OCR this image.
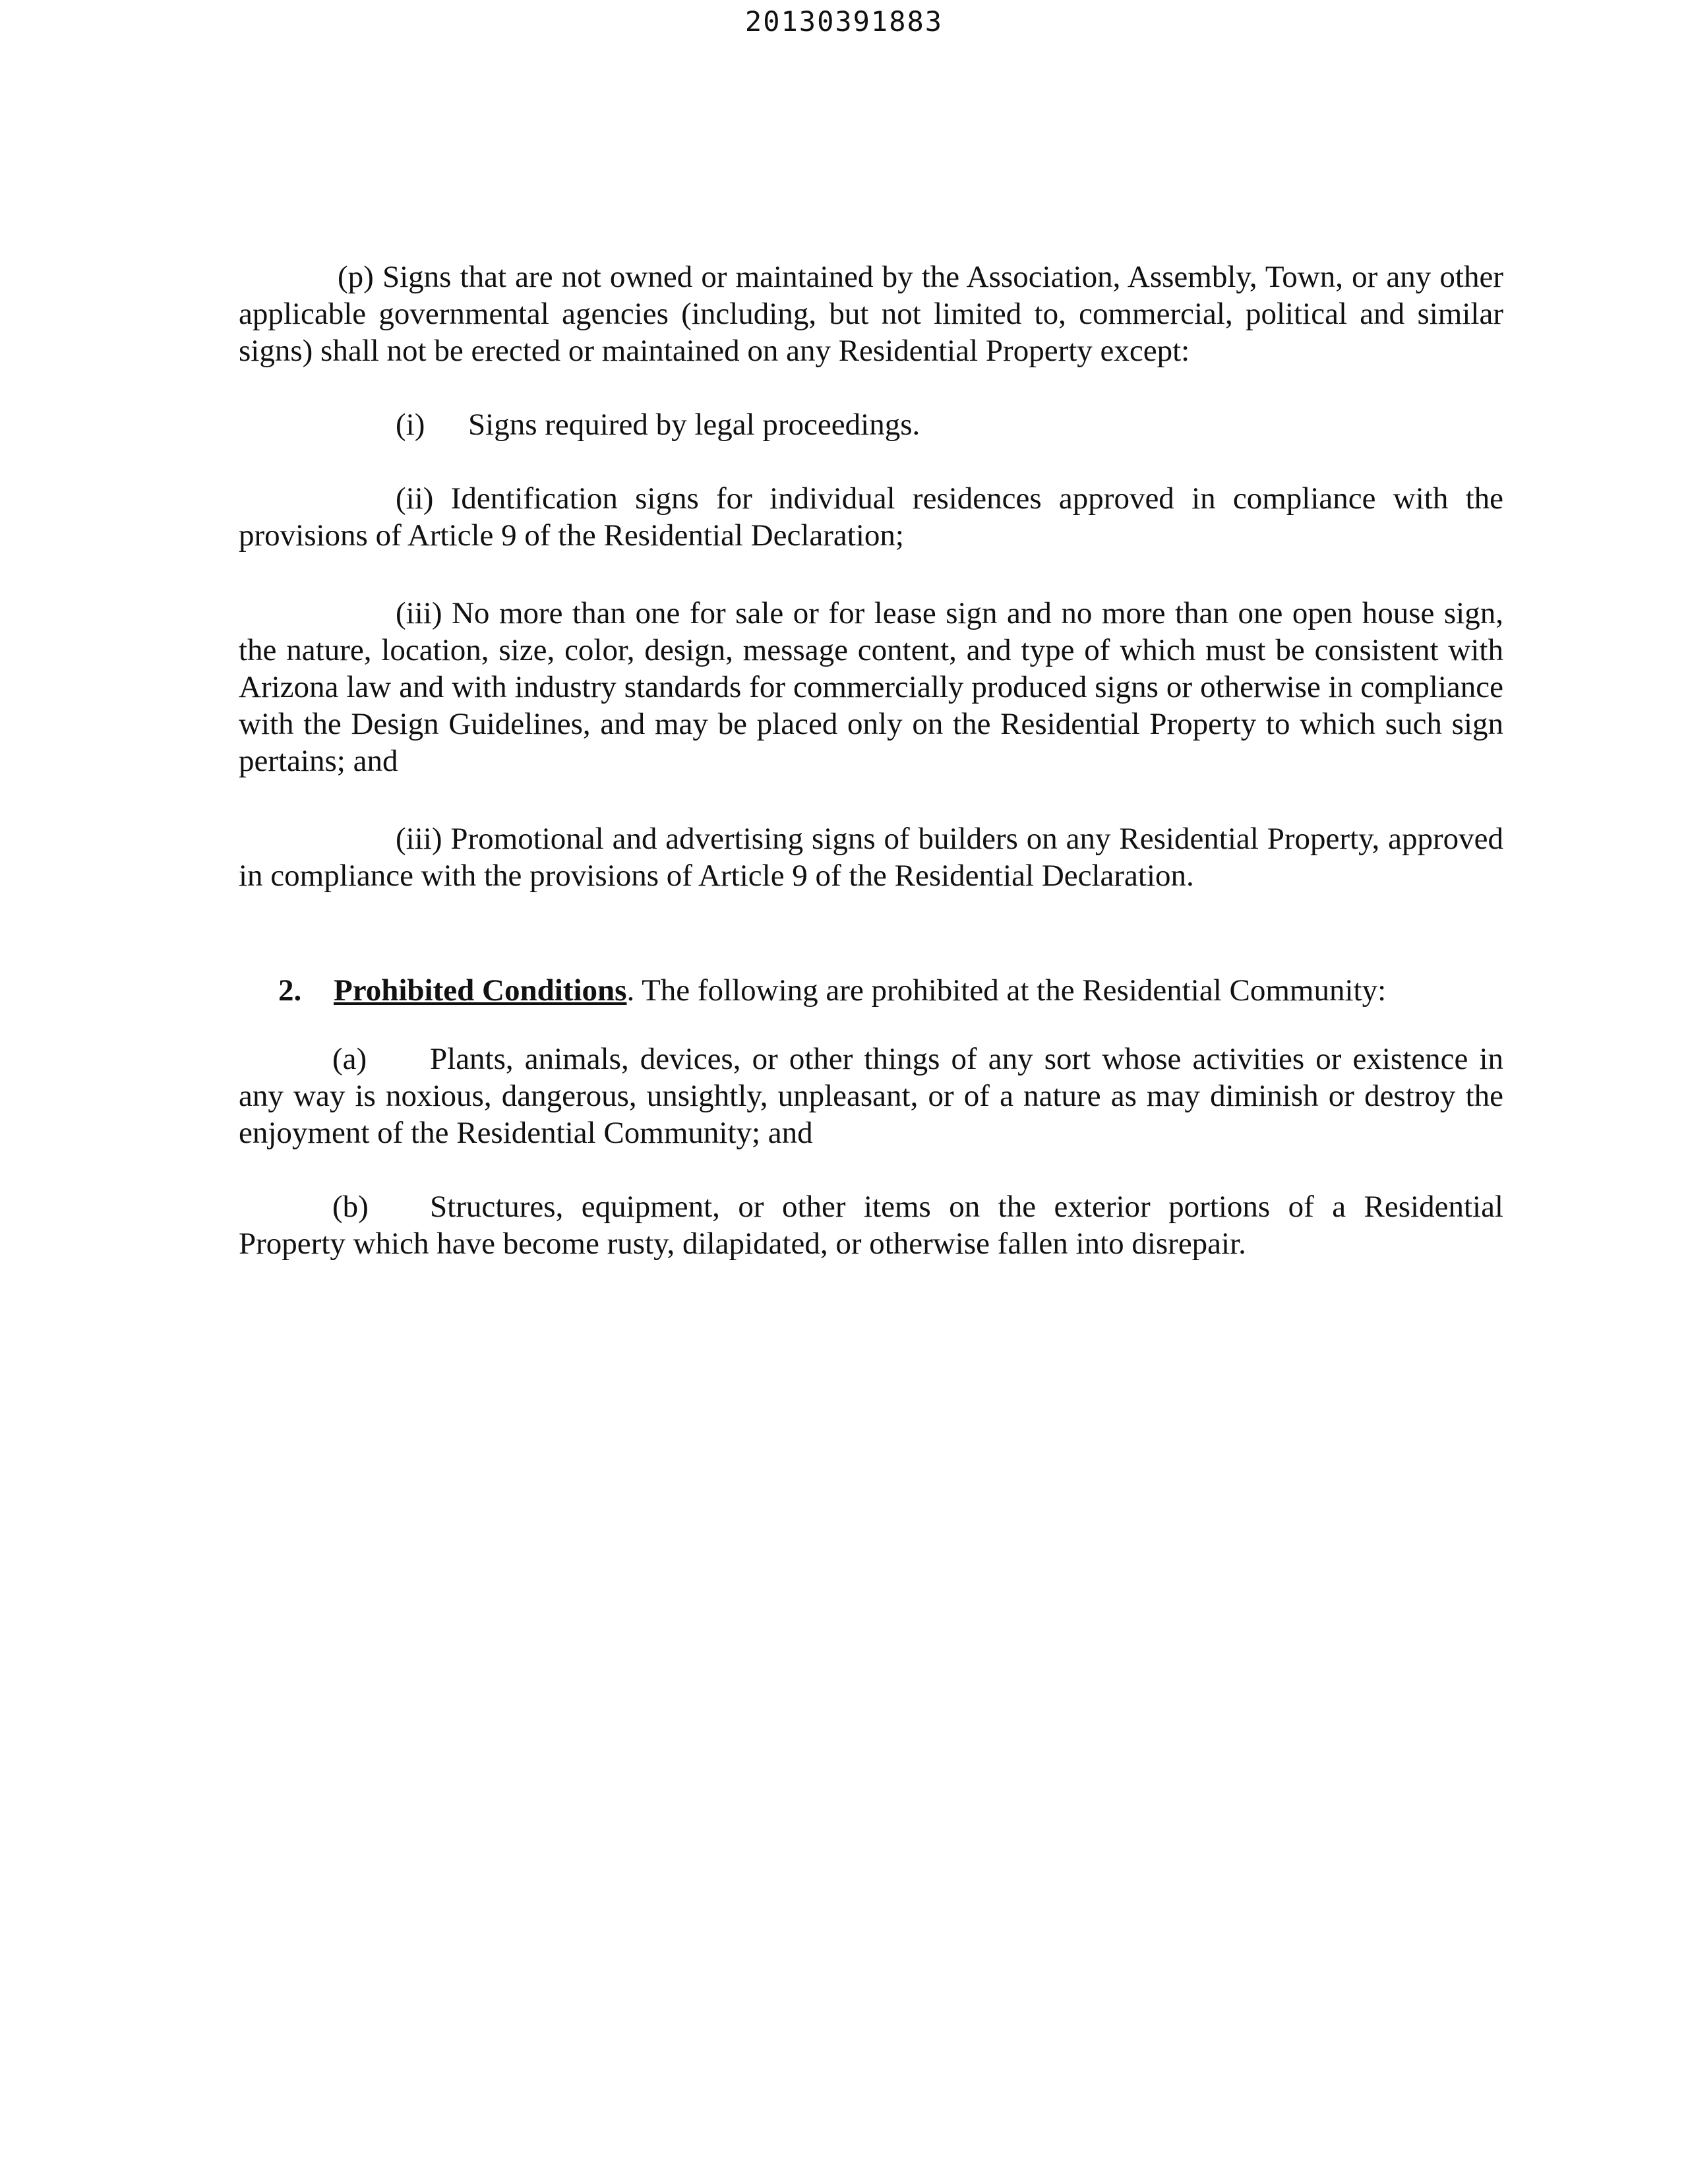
20130391883

(p) Signs that are not owned or maintained by the Association, Assembly, Town, or any other applicable governmental agencies (including, but not limited to, commercial, political and similar signs) shall not be erected or maintained on any Residential Property except:

(i) Signs required by legal proceedings.

(ii) Identification signs for individual residences approved in compliance with the provisions of Article 9 of the Residential Declaration;

(iii) No more than one for sale or for lease sign and no more than one open house sign, the nature, location, size, color, design, message content, and type of which must be consistent with Arizona law and with industry standards for commercially produced signs or otherwise in compliance with the Design Guidelines, and may be placed only on the Residential Property to which such sign pertains; and

(iii) Promotional and advertising signs of builders on any Residential Property, approved in compliance with the provisions of Article 9 of the Residential Declaration.

2. Prohibited Conditions. The following are prohibited at the Residential Community:

(a) Plants, animals, devices, or other things of any sort whose activities or existence in any way is noxious, dangerous, unsightly, unpleasant, or of a nature as may diminish or destroy the enjoyment of the Residential Community; and

(b) Structures, equipment, or other items on the exterior portions of a Residential Property which have become rusty, dilapidated, or otherwise fallen into disrepair.
